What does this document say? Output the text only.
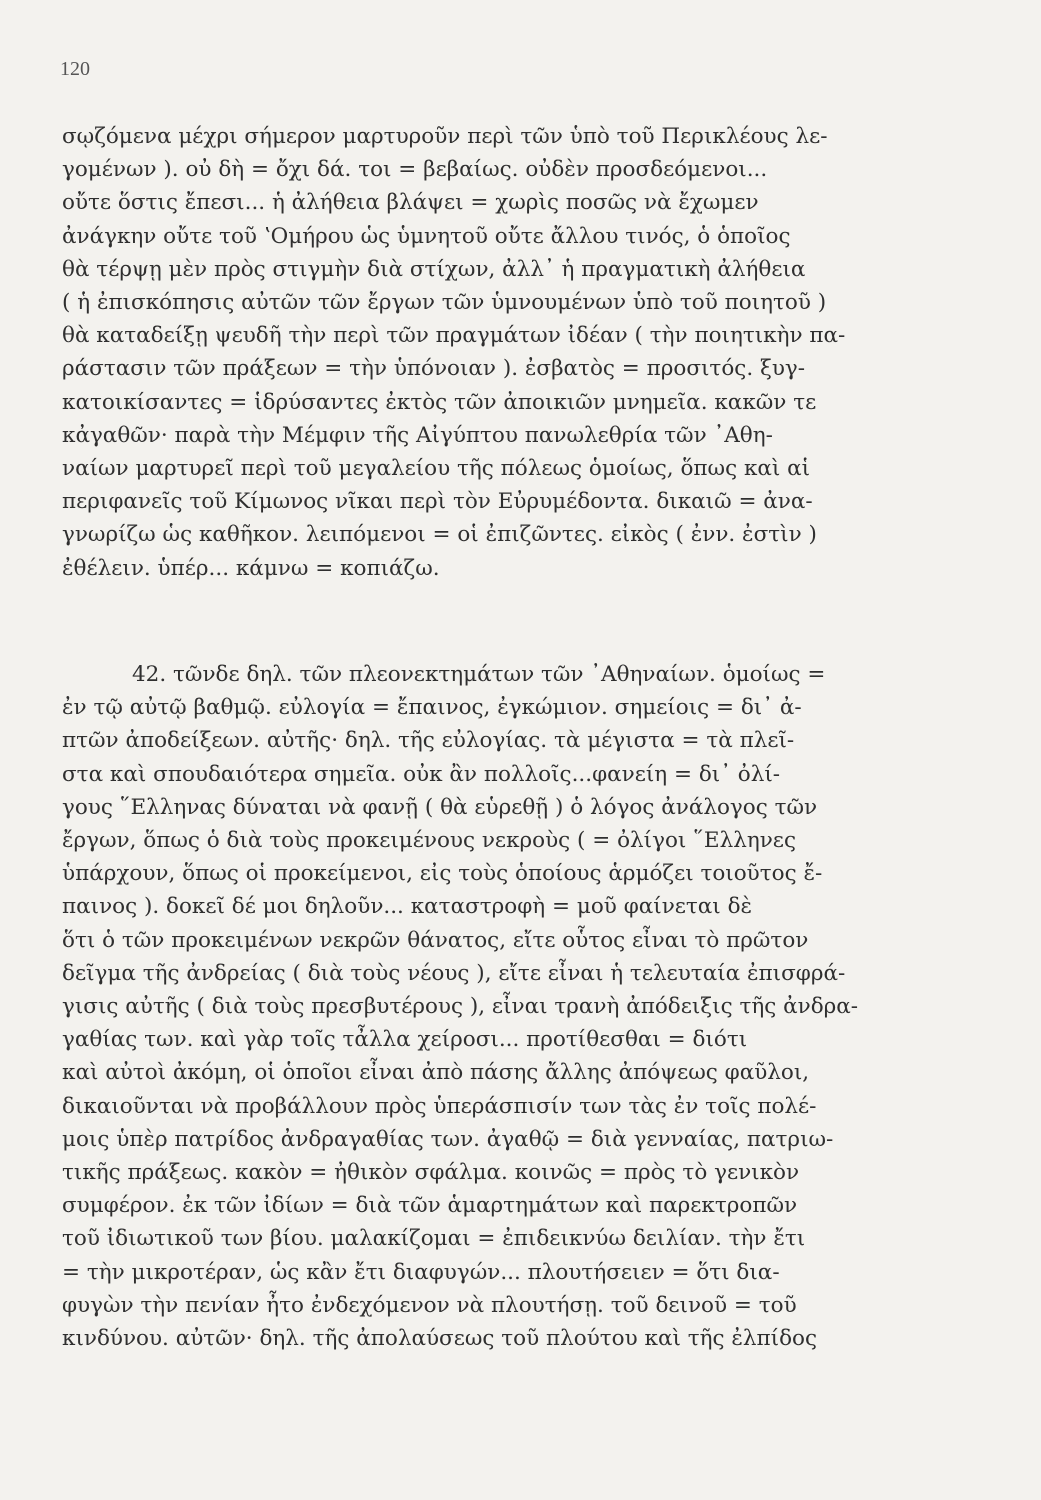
120
σῳζόμενα μέχρι σήμερον μαρτυροῦν περὶ τῶν ὑπὸ τοῦ Περικλέους λε-
γομένων ). οὐ δὴ = ὄχι δά. τοι = βεβαίως. οὐδὲν προσδεόμενοι...
οὔτε ὅστις ἔπεσι... ἡ ἀλήθεια βλάψει = χωρὶς ποσῶς νὰ ἔχωμεν
ἀνάγκην οὔτε τοῦ ʽΟμήρου ὡς ὑμνητοῦ οὔτε ἄλλου τινός, ὁ ὁποῖος
θὰ τέρψῃ μὲν πρὸς στιγμὴν διὰ στίχων, ἀλλ᾽ ἡ πραγματικὴ ἀλήθεια
( ἡ ἐπισκόπησις αὐτῶν τῶν ἔργων τῶν ὑμνουμένων ὑπὸ τοῦ ποιητοῦ )
θὰ καταδείξῃ ψευδῆ τὴν περὶ τῶν πραγμάτων ἰδέαν ( τὴν ποιητικὴν πα-
ράστασιν τῶν πράξεων = τὴν ὑπόνοιαν ). ἐσβατὸς = προσιτός. ξυγ-
κατοικίσαντες = ἱδρύσαντες ἐκτὸς τῶν ἀποικιῶν μνημεῖα. κακῶν τε
κἀγαθῶν· παρὰ τὴν Μέμφιν τῆς Αἰγύπτου πανωλεθρία τῶν ᾽Αθη-
ναίων μαρτυρεῖ περὶ τοῦ μεγαλείου τῆς πόλεως ὁμοίως, ὅπως καὶ αἱ
περιφανεῖς τοῦ Κίμωνος νῖκαι περὶ τὸν Εὐρυμέδοντα. δικαιῶ = ἀνα-
γνωρίζω ὡς καθῆκον. λειπόμενοι = οἱ ἐπιζῶντες. εἰκὸς ( ἐνν. ἐστὶν )
ἐθέλειν. ὑπέρ... κάμνω = κοπιάζω.
42. τῶνδε δηλ. τῶν πλεονεκτημάτων τῶν ᾽Αθηναίων. ὁμοίως =
ἐν τῷ αὐτῷ βαθμῷ. εὐλογία = ἔπαινος, ἐγκώμιον. σημείοις = δι᾽ ἀ-
πτῶν ἀποδείξεων. αὐτῆς· δηλ. τῆς εὐλογίας. τὰ μέγιστα = τὰ πλεῖ-
στα καὶ σπουδαιότερα σημεῖα. οὐκ ἂν πολλοῖς...φανείη = δι᾽ ὀλί-
γους ῞Ελληνας δύναται νὰ φανῇ ( θὰ εὑρεθῇ ) ὁ λόγος ἀνάλογος τῶν
ἔργων, ὅπως ὁ διὰ τοὺς προκειμένους νεκροὺς ( = ὀλίγοι ῞Ελληνες
ὑπάρχουν, ὅπως οἱ προκείμενοι, εἰς τοὺς ὁποίους ἁρμόζει τοιοῦτος ἔ-
παινος ). δοκεῖ δέ μοι δηλοῦν... καταστροφὴ = μοῦ φαίνεται δὲ
ὅτι ὁ τῶν προκειμένων νεκρῶν θάνατος, εἴτε οὗτος εἶναι τὸ πρῶτον
δεῖγμα τῆς ἀνδρείας ( διὰ τοὺς νέους ), εἴτε εἶναι ἡ τελευταία ἐπισφρά-
γισις αὐτῆς ( διὰ τοὺς πρεσβυτέρους ), εἶναι τρανὴ ἀπόδειξις τῆς ἀνδρα-
γαθίας των. καὶ γὰρ τοῖς τἆλλα χείροσι... προτίθεσθαι = διότι
καὶ αὐτοὶ ἀκόμη, οἱ ὁποῖοι εἶναι ἀπὸ πάσης ἄλλης ἀπόψεως φαῦλοι,
δικαιοῦνται νὰ προβάλλουν πρὸς ὑπεράσπισίν των τὰς ἐν τοῖς πολέ-
μοις ὑπὲρ πατρίδος ἀνδραγαθίας των. ἀγαθῷ = διὰ γενναίας, πατριω-
τικῆς πράξεως. κακὸν = ἠθικὸν σφάλμα. κοινῶς = πρὸς τὸ γενικὸν
συμφέρον. ἐκ τῶν ἰδίων = διὰ τῶν ἁμαρτημάτων καὶ παρεκτροπῶν
τοῦ ἰδιωτικοῦ των βίου. μαλακίζομαι = ἐπιδεικνύω δειλίαν. τὴν ἔτι
= τὴν μικροτέραν, ὡς κἂν ἔτι διαφυγών... πλουτήσειεν = ὅτι δια-
φυγὼν τὴν πενίαν ἦτο ἐνδεχόμενον νὰ πλουτήσῃ. τοῦ δεινοῦ = τοῦ
κινδύνου. αὐτῶν· δηλ. τῆς ἀπολαύσεως τοῦ πλούτου καὶ τῆς ἐλπίδος
